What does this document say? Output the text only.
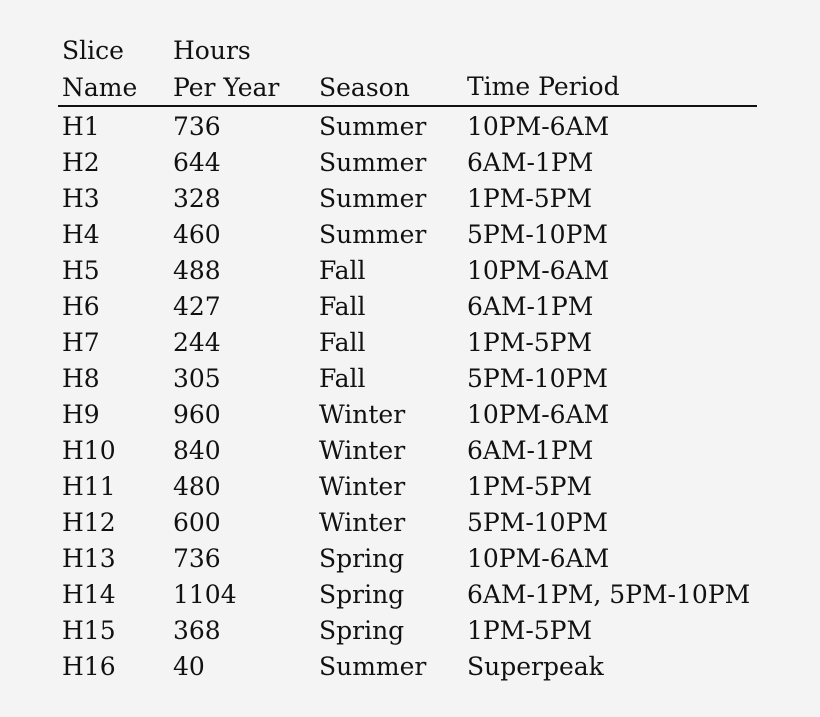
Slice	Hours		
Name	Per Year	Season	Time Period
H1	736	Summer	10PM-6AM
H2	644	Summer	6AM-1PM
H3	328	Summer	1PM-5PM
H4	460	Summer	5PM-10PM
H5	488	Fall	10PM-6AM
H6	427	Fall	6AM-1PM
H7	244	Fall	1PM-5PM
H8	305	Fall	5PM-10PM
H9	960	Winter	10PM-6AM
H10	840	Winter	6AM-1PM
H11	480	Winter	1PM-5PM
H12	600	Winter	5PM-10PM
H13	736	Spring	10PM-6AM
H14	1104	Spring	6AM-1PM, 5PM-10PM
H15	368	Spring	1PM-5PM
H16	40	Summer	Superpeak
